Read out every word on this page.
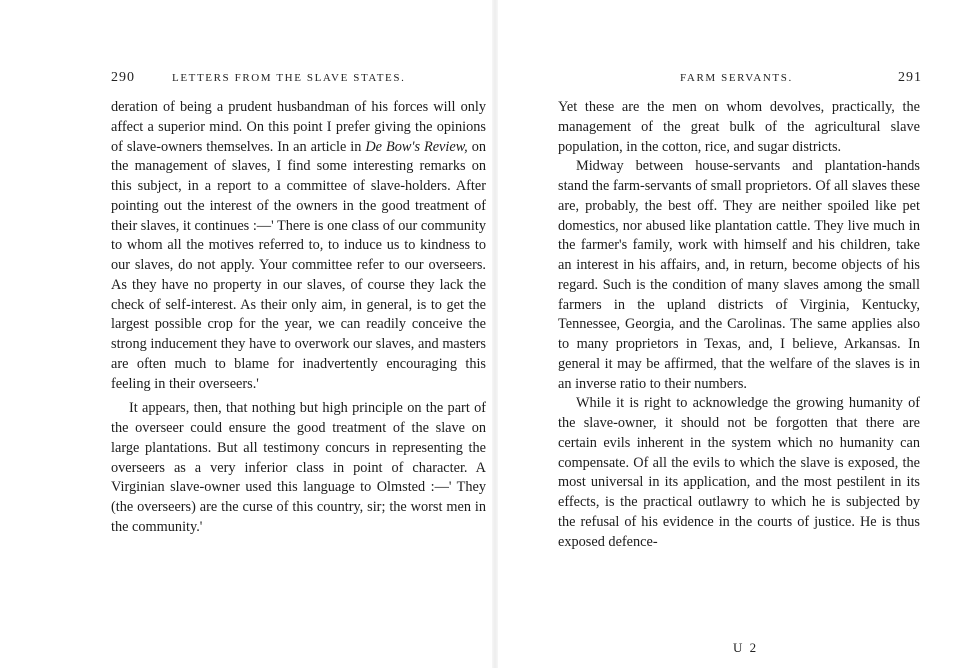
290	LETTERS FROM THE SLAVE STATES.

deration of being a prudent husbandman of his forces will only affect a superior mind. On this point I prefer giving the opinions of slave-owners themselves. In an article in De Bow's Review, on the management of slaves, I find some interesting remarks on this subject, in a report to a committee of slave-holders. After pointing out the interest of the owners in the good treatment of their slaves, it continues :—' There is one class of our community to whom all the motives referred to, to induce us to kindness to our slaves, do not apply. Your committee refer to our overseers. As they have no property in our slaves, of course they lack the check of self-interest. As their only aim, in general, is to get the largest possible crop for the year, we can readily conceive the strong inducement they have to overwork our slaves, and masters are often much to blame for inadvertently encouraging this feeling in their overseers.'

It appears, then, that nothing but high principle on the part of the overseer could ensure the good treatment of the slave on large plantations. But all testimony concurs in representing the overseers as a very inferior class in point of character. A Virginian slave-owner used this language to Olmsted :—' They (the overseers) are the curse of this country, sir; the worst men in the community.'

FARM SERVANTS.	291

Yet these are the men on whom devolves, practically, the management of the great bulk of the agricultural slave population, in the cotton, rice, and sugar districts.

Midway between house-servants and plantation-hands stand the farm-servants of small proprietors. Of all slaves these are, probably, the best off. They are neither spoiled like pet domestics, nor abused like plantation cattle. They live much in the farmer's family, work with himself and his children, take an interest in his affairs, and, in return, become objects of his regard. Such is the condition of many slaves among the small farmers in the upland districts of Virginia, Kentucky, Tennessee, Georgia, and the Carolinas. The same applies also to many proprietors in Texas, and, I believe, Arkansas. In general it may be affirmed, that the welfare of the slaves is in an inverse ratio to their numbers.

While it is right to acknowledge the growing humanity of the slave-owner, it should not be forgotten that there are certain evils inherent in the system which no humanity can compensate. Of all the evils to which the slave is exposed, the most universal in its application, and the most pestilent in its effects, is the practical outlawry to which he is subjected by the refusal of his evidence in the courts of justice. He is thus exposed defence-

U 2
